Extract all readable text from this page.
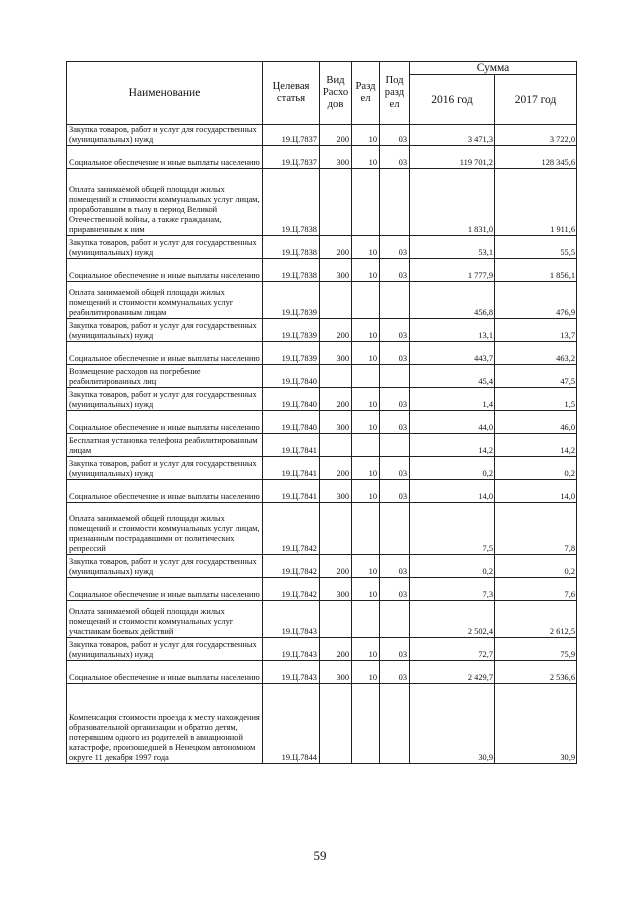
Наименование	Целевая статья	Вид Расхо дов	Разд ел	Под разд ел	Сумма	
					2016 год	2017 год
Закупка товаров, работ и услуг для государственных (муниципальных) нужд	19.Ц.7837	200	10	03	3 471,3	3 722,0
Социальное обеспечение и иные выплаты населению	19.Ц.7837	300	10	03	119 701,2	128 345,6
Оплата занимаемой общей площади жилых помещений и стоимости коммунальных услуг лицам, проработавшим в тылу в период Великой Отечественной войны, а также гражданам, приравненным к ним	19.Ц.7838				1 831,0	1 911,6
Закупка товаров, работ и услуг для государственных (муниципальных) нужд	19.Ц.7838	200	10	03	53,1	55,5
Социальное обеспечение и иные выплаты населению	19.Ц.7838	300	10	03	1 777,9	1 856,1
Оплата занимаемой общей площади жилых помещений и стоимости коммунальных услуг реабилитированным лицам	19.Ц.7839				456,8	476,9
Закупка товаров, работ и услуг для государственных (муниципальных) нужд	19.Ц.7839	200	10	03	13,1	13,7
Социальное обеспечение и иные выплаты населению	19.Ц.7839	300	10	03	443,7	463,2
Возмещение расходов на погребение реабилитированных лиц	19.Ц.7840				45,4	47,5
Закупка товаров, работ и услуг для государственных (муниципальных) нужд	19.Ц.7840	200	10	03	1,4	1,5
Социальное обеспечение и иные выплаты населению	19.Ц.7840	300	10	03	44,0	46,0
Бесплатная установка телефона реабилитированным лицам	19.Ц.7841				14,2	14,2
Закупка товаров, работ и услуг для государственных (муниципальных) нужд	19.Ц.7841	200	10	03	0,2	0,2
Социальное обеспечение и иные выплаты населению	19.Ц.7841	300	10	03	14,0	14,0
Оплата занимаемой общей площади жилых помещений и стоимости коммунальных услуг лицам, признанным пострадавшими от политических репрессий	19.Ц.7842				7,5	7,8
Закупка товаров, работ и услуг для государственных (муниципальных) нужд	19.Ц.7842	200	10	03	0,2	0,2
Социальное обеспечение и иные выплаты населению	19.Ц.7842	300	10	03	7,3	7,6
Оплата занимаемой общей площади жилых помещений и стоимости коммунальных услуг участникам боевых действий	19.Ц.7843				2 502,4	2 612,5
Закупка товаров, работ и услуг для государственных (муниципальных) нужд	19.Ц.7843	200	10	03	72,7	75,9
Социальное обеспечение и иные выплаты населению	19.Ц.7843	300	10	03	2 429,7	2 536,6
Компенсация стоимости проезда к месту нахождения образовательной организации и обратно детям, потерявшим одного из родителей в авиационной катастрофе, произошедшей в Ненецком автономном округе 11 декабря 1997 года	19.Ц.7844				30,9	30,9
59
